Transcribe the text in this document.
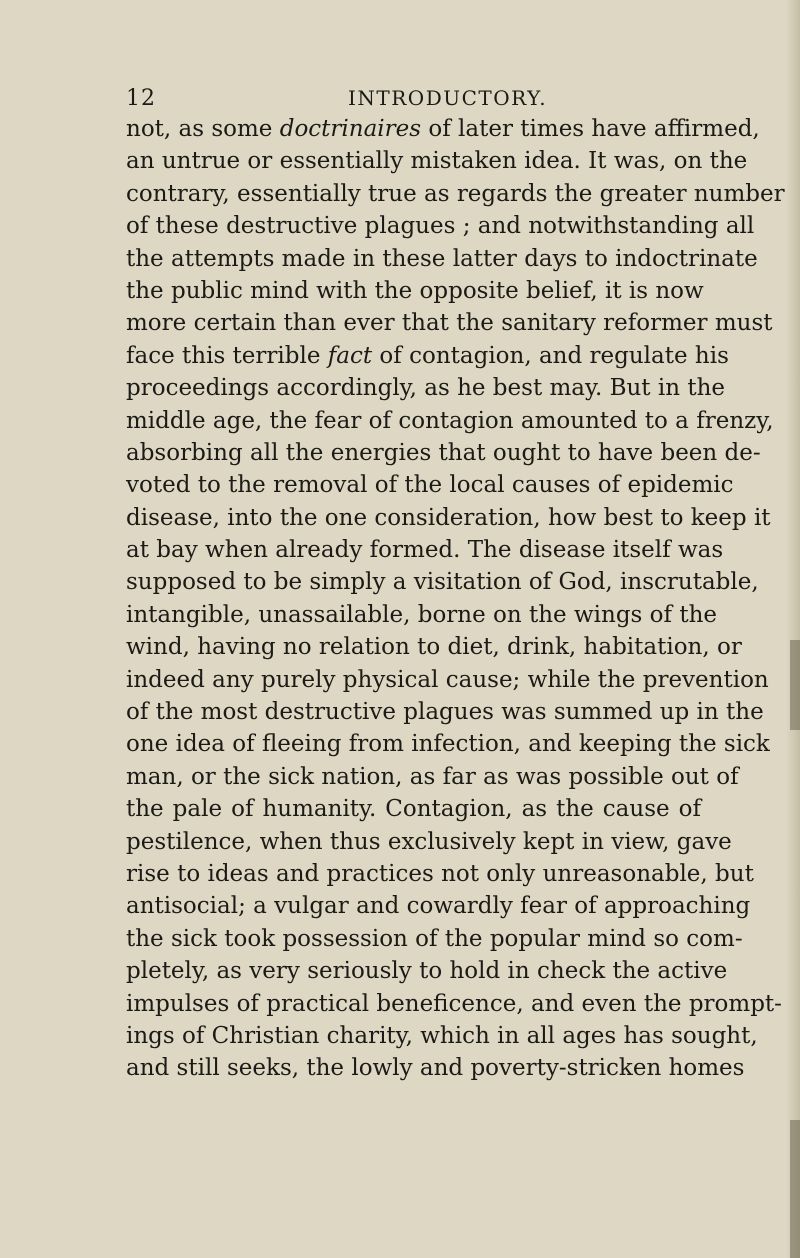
12	INTRODUCTORY.
not, as some doctrinaires of later times have affirmed,
an untrue or essentially mistaken idea. It was, on the
contrary, essentially true as regards the greater number
of these destructive plagues ; and notwithstanding all
the attempts made in these latter days to indoctrinate
the public mind with the opposite belief, it is now
more certain than ever that the sanitary reformer must
face this terrible fact of contagion, and regulate his
proceedings accordingly, as he best may. But in the
middle age, the fear of contagion amounted to a frenzy,
absorbing all the energies that ought to have been de-
voted to the removal of the local causes of epidemic
disease, into the one consideration, how best to keep it
at bay when already formed. The disease itself was
supposed to be simply a visitation of God, inscrutable,
intangible, unassailable, borne on the wings of the
wind, having no relation to diet, drink, habitation, or
indeed any purely physical cause; while the prevention
of the most destructive plagues was summed up in the
one idea of fleeing from infection, and keeping the sick
man, or the sick nation, as far as was possible out of
the pale of humanity. Contagion, as the cause of
pestilence, when thus exclusively kept in view, gave
rise to ideas and practices not only unreasonable, but
antisocial; a vulgar and cowardly fear of approaching
the sick took possession of the popular mind so com-
pletely, as very seriously to hold in check the active
impulses of practical beneficence, and even the prompt-
ings of Christian charity, which in all ages has sought,
and still seeks, the lowly and poverty-stricken homes
